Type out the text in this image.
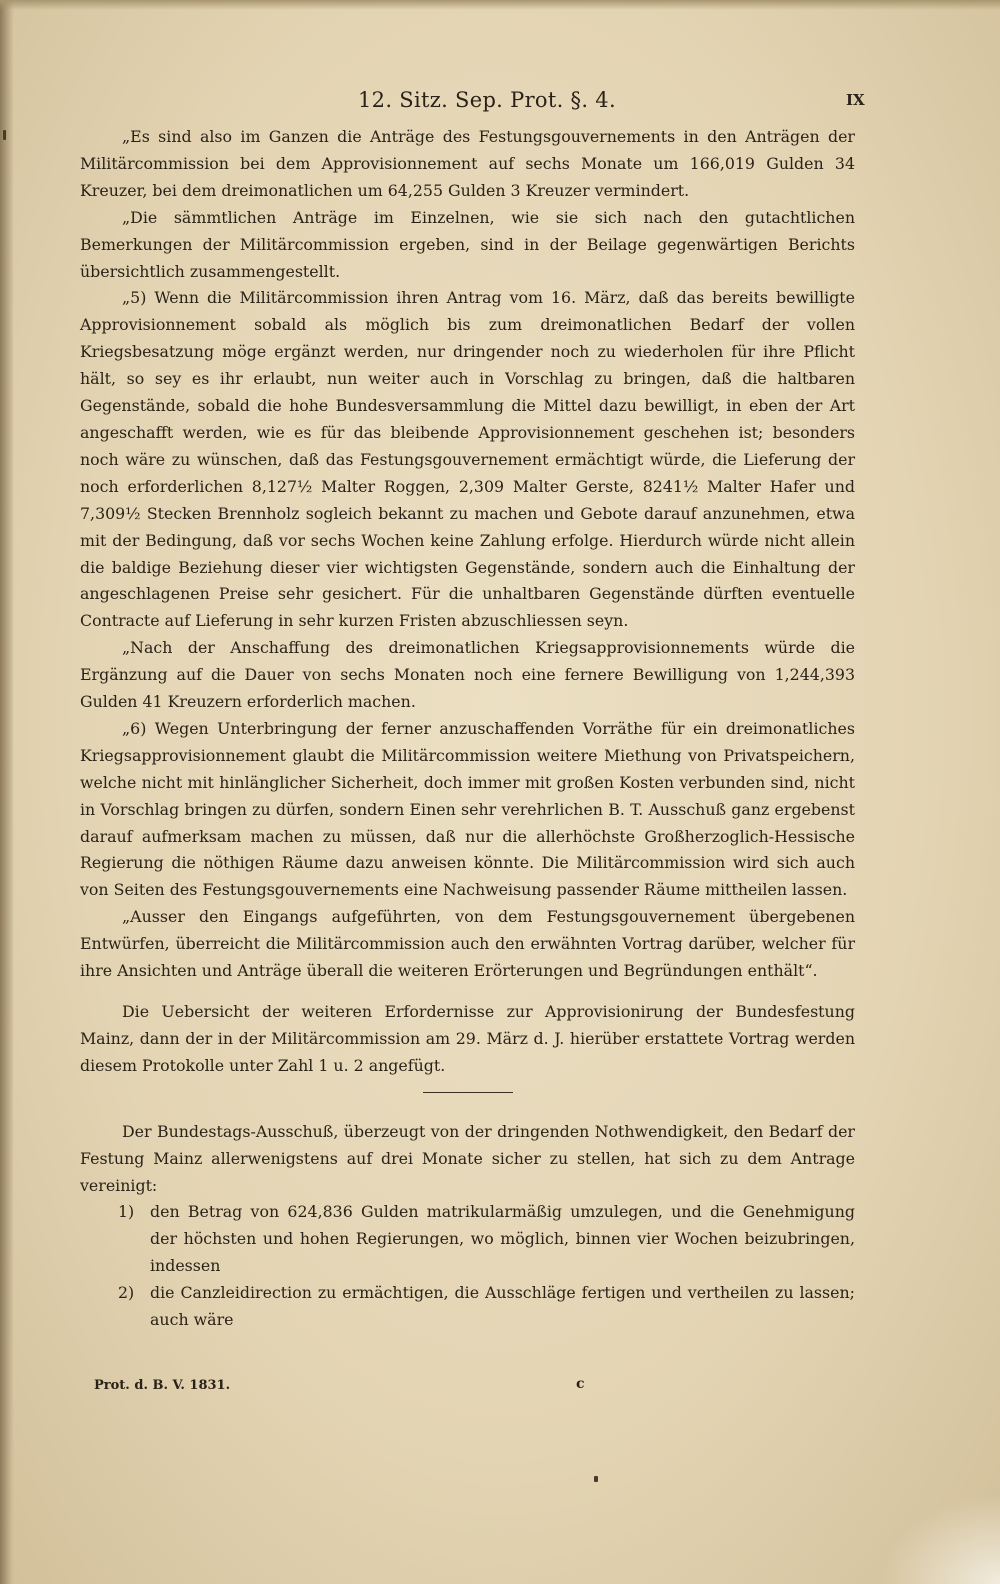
12. Sitz. Sep. Prot. §. 4.	IX

„Es sind also im Ganzen die Anträge des Festungsgouvernements in den Anträgen der Militärcommission bei dem Approvisionnement auf sechs Monate um 166,019 Gulden 34 Kreuzer, bei dem dreimonatlichen um 64,255 Gulden 3 Kreuzer vermindert.

„Die sämmtlichen Anträge im Einzelnen, wie sie sich nach den gutachtlichen Bemerkungen der Militärcommission ergeben, sind in der Beilage gegenwärtigen Berichts übersichtlich zusammengestellt.

„5) Wenn die Militärcommission ihren Antrag vom 16. März, daß das bereits bewilligte Approvisionnement sobald als möglich bis zum dreimonatlichen Bedarf der vollen Kriegsbesatzung möge ergänzt werden, nur dringender noch zu wiederholen für ihre Pflicht hält, so sey es ihr erlaubt, nun weiter auch in Vorschlag zu bringen, daß die haltbaren Gegenstände, sobald die hohe Bundesversammlung die Mittel dazu bewilligt, in eben der Art angeschafft werden, wie es für das bleibende Approvisionnement geschehen ist; besonders noch wäre zu wünschen, daß das Festungsgouvernement ermächtigt würde, die Lieferung der noch erforderlichen 8,127½ Malter Roggen, 2,309 Malter Gerste, 8241½ Malter Hafer und 7,309½ Stecken Brennholz sogleich bekannt zu machen und Gebote darauf anzunehmen, etwa mit der Bedingung, daß vor sechs Wochen keine Zahlung erfolge. Hierdurch würde nicht allein die baldige Beziehung dieser vier wichtigsten Gegenstände, sondern auch die Einhaltung der angeschlagenen Preise sehr gesichert. Für die unhaltbaren Gegenstände dürften eventuelle Contracte auf Lieferung in sehr kurzen Fristen abzuschliessen seyn.

„Nach der Anschaffung des dreimonatlichen Kriegsapprovisionnements würde die Ergänzung auf die Dauer von sechs Monaten noch eine fernere Bewilligung von 1,244,393 Gulden 41 Kreuzern erforderlich machen.

„6) Wegen Unterbringung der ferner anzuschaffenden Vorräthe für ein dreimonatliches Kriegsapprovisionnement glaubt die Militärcommission weitere Miethung von Privatspeichern, welche nicht mit hinlänglicher Sicherheit, doch immer mit großen Kosten verbunden sind, nicht in Vorschlag bringen zu dürfen, sondern Einen sehr verehrlichen B. T. Ausschuß ganz ergebenst darauf aufmerksam machen zu müssen, daß nur die allerhöchste Großherzoglich-Hessische Regierung die nöthigen Räume dazu anweisen könnte. Die Militärcommission wird sich auch von Seiten des Festungsgouvernements eine Nachweisung passender Räume mittheilen lassen.

„Ausser den Eingangs aufgeführten, von dem Festungsgouvernement übergebenen Entwürfen, überreicht die Militärcommission auch den erwähnten Vortrag darüber, welcher für ihre Ansichten und Anträge überall die weiteren Erörterungen und Begründungen enthält“.

Die Uebersicht der weiteren Erfordernisse zur Approvisionirung der Bundesfestung Mainz, dann der in der Militärcommission am 29. März d. J. hierüber erstattete Vortrag werden diesem Protokolle unter Zahl 1 u. 2 angefügt.

Der Bundestags-Ausschuß, überzeugt von der dringenden Nothwendigkeit, den Bedarf der Festung Mainz allerwenigstens auf drei Monate sicher zu stellen, hat sich zu dem Antrage vereinigt:

1) den Betrag von 624,836 Gulden matrikularmäßig umzulegen, und die Genehmigung der höchsten und hohen Regierungen, wo möglich, binnen vier Wochen beizubringen, indessen
2) die Canzleidirection zu ermächtigen, die Ausschläge fertigen und vertheilen zu lassen; auch wäre
Prot. d. B. V. 1831.	c
